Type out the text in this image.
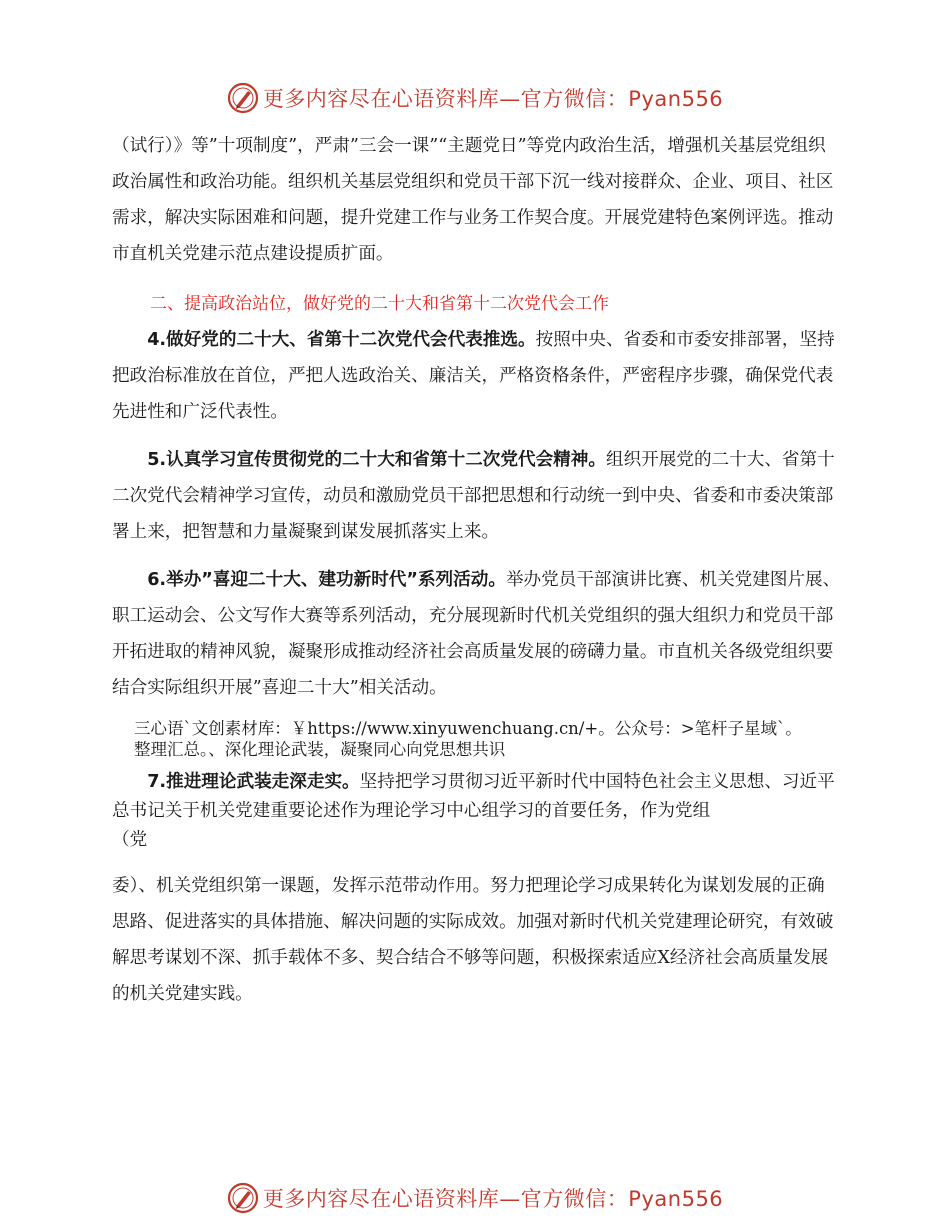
更多内容尽在心语资料库—官方微信：Pyan556

（试行）》等”十项制度”，严肃”三会一课”“主题党日”等党内政治生活，增强机关基层党组织政治属性和政治功能。组织机关基层党组织和党员干部下沉一线对接群众、企业、项目、社区需求，解决实际困难和问题，提升党建工作与业务工作契合度。开展党建特色案例评选。推动市直机关党建示范点建设提质扩面。

二、提高政治站位，做好党的二十大和省第十二次党代会工作

4.做好党的二十大、省第十二次党代会代表推选。按照中央、省委和市委安排部署，坚持把政治标准放在首位，严把人选政治关、廉洁关，严格资格条件，严密程序步骤，确保党代表先进性和广泛代表性。

5.认真学习宣传贯彻党的二十大和省第十二次党代会精神。组织开展党的二十大、省第十二次党代会精神学习宣传，动员和激励党员干部把思想和行动统一到中央、省委和市委决策部署上来，把智慧和力量凝聚到谋发展抓落实上来。

6.举办”喜迎二十大、建功新时代”系列活动。举办党员干部演讲比赛、机关党建图片展、职工运动会、公文写作大赛等系列活动，充分展现新时代机关党组织的强大组织力和党员干部开拓进取的精神风貌，凝聚形成推动经济社会高质量发展的磅礴力量。市直机关各级党组织要结合实际组织开展”喜迎二十大”相关活动。

三心语`文创素材库：￥https://www.xinyuwenchuang.cn/+。公众号：>笔杆子星域`。

整理汇总。、深化理论武装，凝聚同心向党思想共识

7.推进理论武装走深走实。坚持把学习贯彻习近平新时代中国特色社会主义思想、习近平总书记关于机关党建重要论述作为理论学习中心组学习的首要任务，作为党组

（党

委）、机关党组织第一课题，发挥示范带动作用。努力把理论学习成果转化为谋划发展的正确思路、促进落实的具体措施、解决问题的实际成效。加强对新时代机关党建理论研究，有效破解思考谋划不深、抓手载体不多、契合结合不够等问题，积极探索适应X经济社会高质量发展的机关党建实践。

更多内容尽在心语资料库—官方微信：Pyan556
